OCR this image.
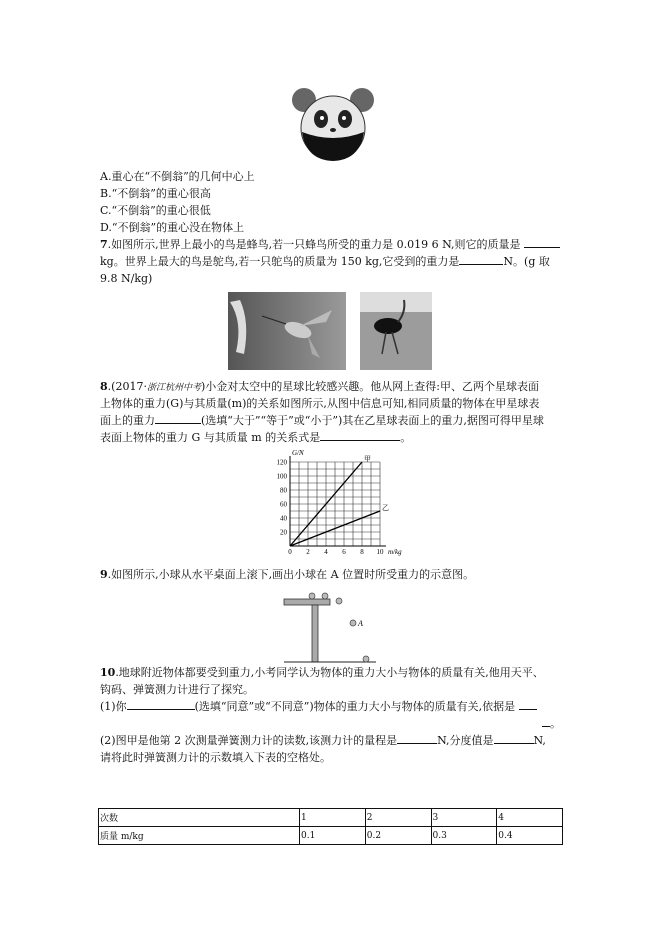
A.重心在“不倒翁”的几何中心上
B.“不倒翁”的重心很高
C.“不倒翁”的重心很低
D.“不倒翁”的重心没在物体上
7.如图所示,世界上最小的鸟是蜂鸟,若一只蜂鸟所受的重力是 0.019 6 N,则它的质量是
kg。世界上最大的鸟是鸵鸟,若一只鸵鸟的质量为 150 kg,它受到的重力是	N。(g 取
9.8 N/kg)
8.(2017·浙江杭州中考)小金对太空中的星球比较感兴趣。他从网上查得:甲、乙两个星球表面
上物体的重力(G)与其质量(m)的关系如图所示,从图中信息可知,相同质量的物体在甲星球表
面上的重力	(选填“大于”“等于”或“小于”)其在乙星球表面上的重力,据图可得甲星球
表面上物体的重力 G 与其质量 m 的关系式是	。
0 2 4 6 8 10
20
40
60
80
100
120	甲
乙
G/N
m/kg
9.如图所示,小球从水平桌面上滚下,画出小球在 A 位置时所受重力的示意图。
A
10.地球附近物体都要受到重力,小考同学认为物体的重力大小与物体的质量有关,他用天平、
钩码、弹簧测力计进行了探究。
(1)你	(选填“同意”或“不同意”)物体的重力大小与物体的质量有关,依据是
。
(2)图甲是他第 2 次测量弹簧测力计的读数,该测力计的量程是	N,分度值是	N,
请将此时弹簧测力计的示数填入下表的空格处。
次数	1	2	3	4
质量 m/kg	0.1	0.2	0.3	0.4
